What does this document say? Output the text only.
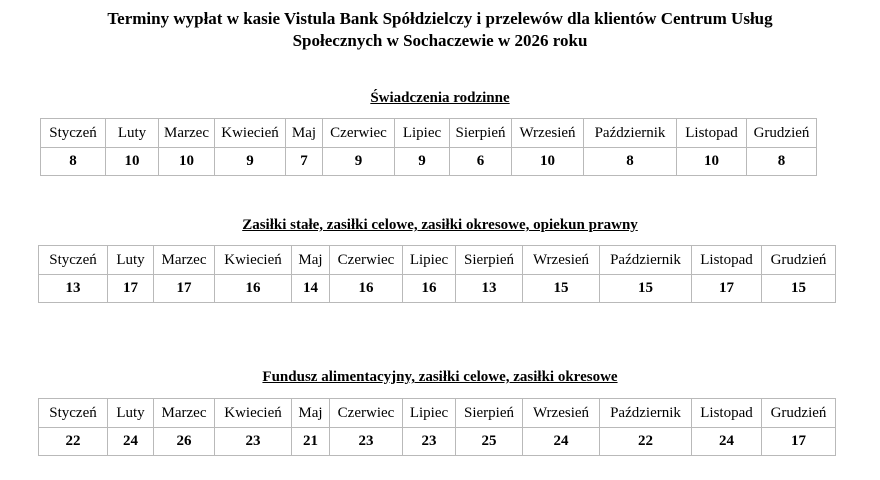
Terminy wypłat w kasie Vistula Bank Spółdzielczy i przelewów dla klientów Centrum Usług
Społecznych w Sochaczewie w 2026 roku
Świadczenia rodzinne
Styczeń	Luty	Marzec	Kwiecień	Maj	Czerwiec	Lipiec	Sierpień	Wrzesień	Październik	Listopad	Grudzień
8	10	10	9	7	9	9	6	10	8	10	8
Zasiłki stałe, zasiłki celowe, zasiłki okresowe, opiekun prawny
Styczeń	Luty	Marzec	Kwiecień	Maj	Czerwiec	Lipiec	Sierpień	Wrzesień	Październik	Listopad	Grudzień
13	17	17	16	14	16	16	13	15	15	17	15
Fundusz alimentacyjny, zasiłki celowe, zasiłki okresowe
Styczeń	Luty	Marzec	Kwiecień	Maj	Czerwiec	Lipiec	Sierpień	Wrzesień	Październik	Listopad	Grudzień
22	24	26	23	21	23	23	25	24	22	24	17
